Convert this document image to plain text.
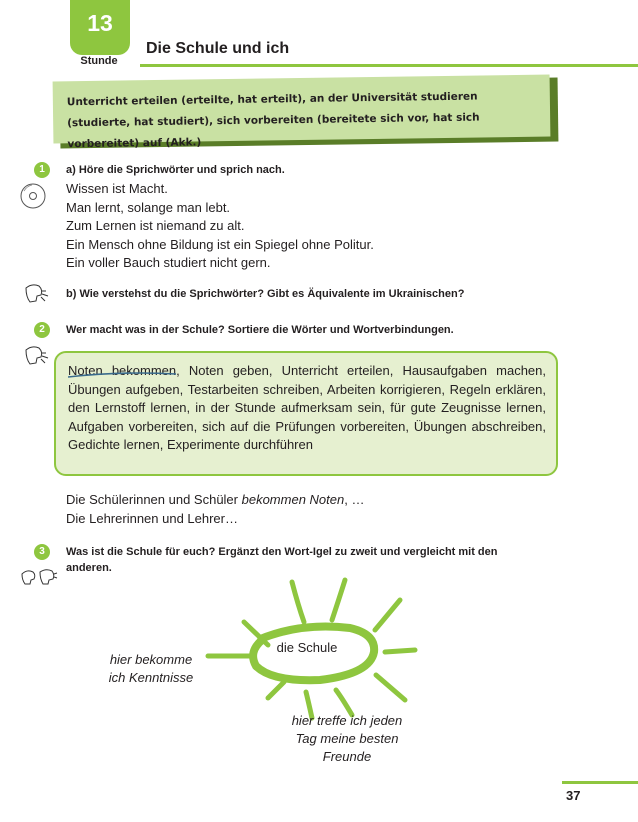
13
Stunde
Die Schule und ich
Unterricht erteilen (erteilte, hat erteilt), an der Universität studieren
(studierte, hat studiert), sich vorbereiten (bereitete sich vor, hat sich vorbereitet) auf (Akk.)
1	a) Höre die Sprichwörter und sprich nach.
Wissen ist Macht.
Man lernt, solange man lebt.
Zum Lernen ist niemand zu alt.
Ein Mensch ohne Bildung ist ein Spiegel ohne Politur.
Ein voller Bauch studiert nicht gern.
b) Wie verstehst du die Sprichwörter? Gibt es Äquivalente im Ukrainischen?
2	Wer macht was in der Schule? Sortiere die Wörter und Wortverbindungen.
Noten bekommen
, Noten geben, Unterricht erteilen, Hausaufgaben machen, Übungen aufgeben, Testarbeiten schreiben, Arbeiten korrigieren, Regeln erklären, den Lernstoff lernen, in der Stunde aufmerksam sein, für gute Zeugnisse lernen, Aufgaben vorbereiten, sich auf die Prüfungen vorbereiten, Übungen abschreiben, Gedichte lernen, Experimente durchführen
Die Schülerinnen und Schüler bekommen Noten, …
Die Lehrerinnen und Lehrer…
3	Was ist die Schule für euch? Ergänzt den Wort-Igel zu zweit und vergleicht mit den
anderen.
die Schule
hier bekomme
ich Kenntnisse
hier treffe ich jeden
Tag meine besten
Freunde
37
